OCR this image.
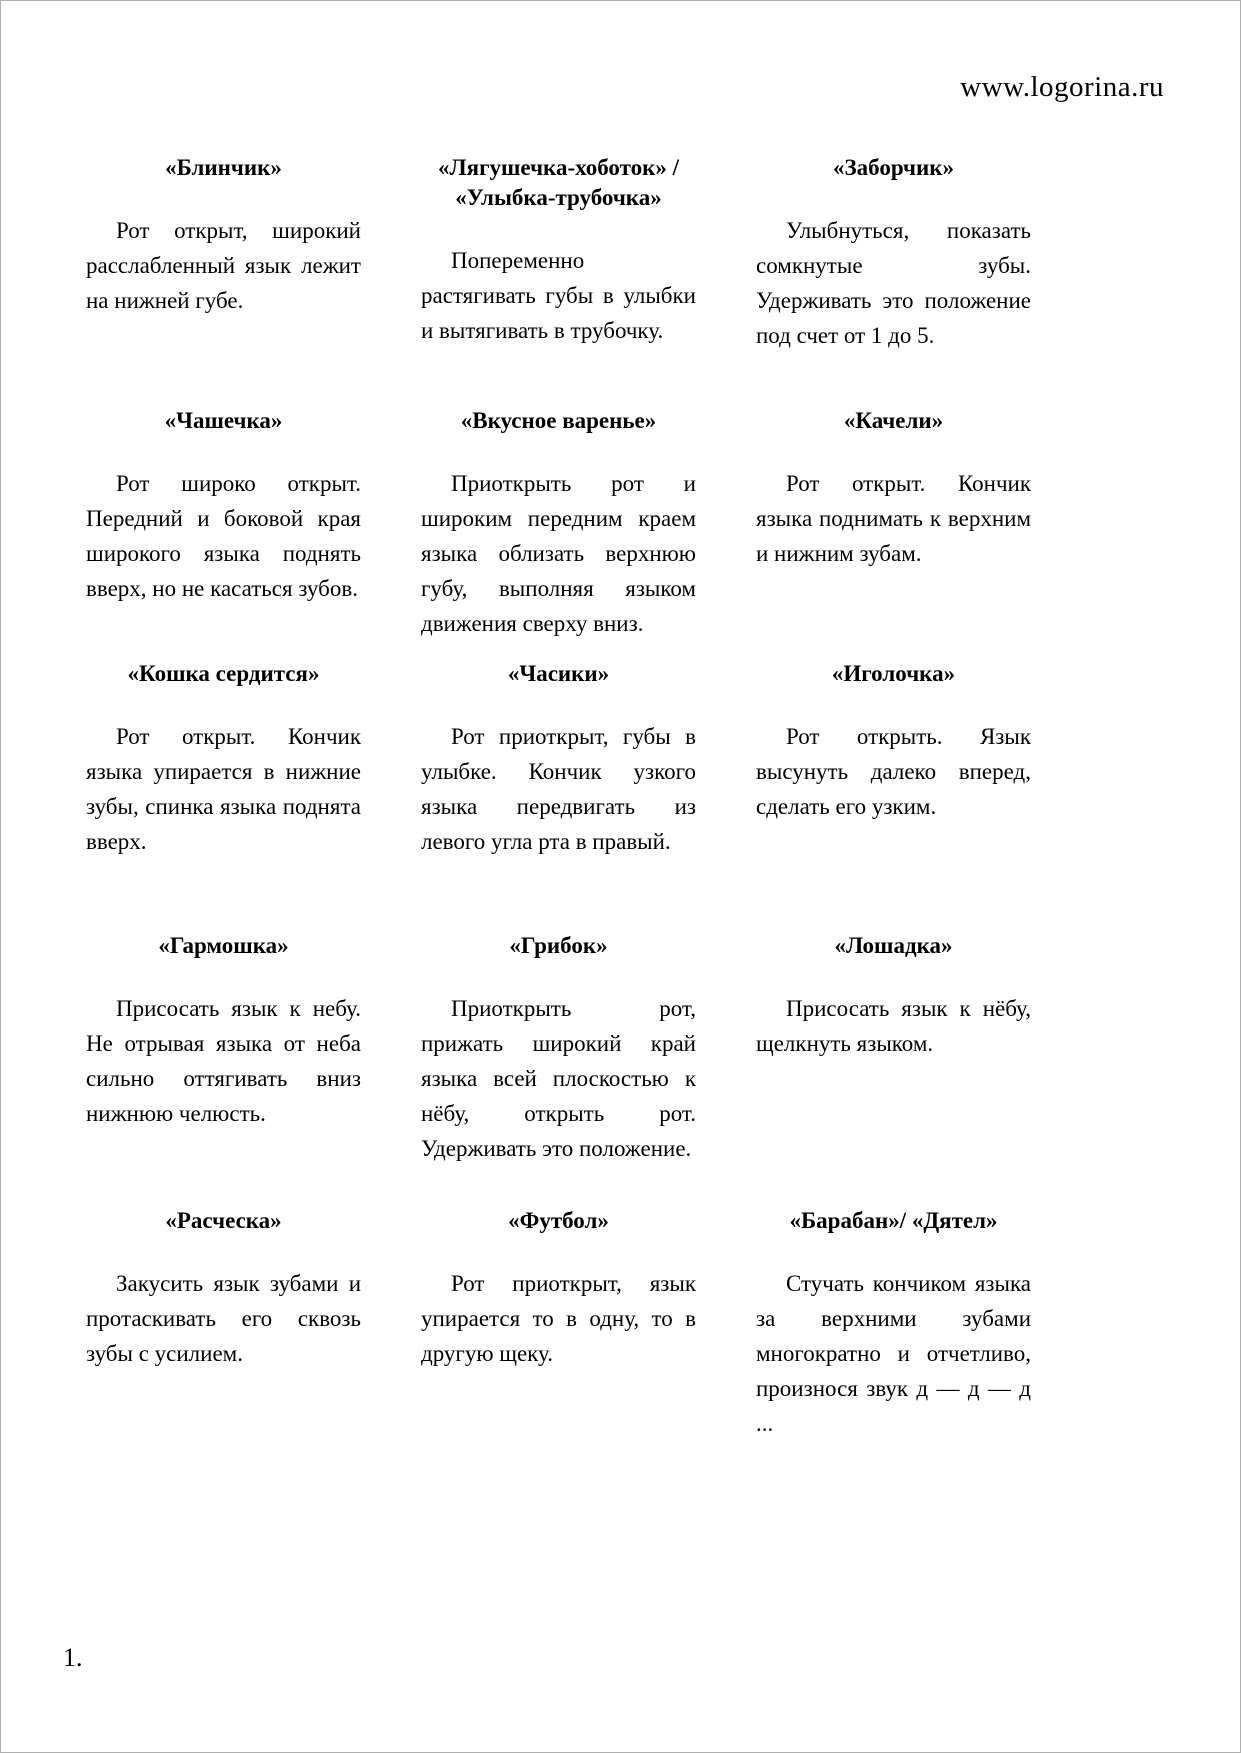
www.logorina.ru
«Блинчик»

Рот открыт, широкий расслабленный язык лежит на нижней губе.

«Лягушечка-хоботок» / «Улыбка-трубочка»

Попеременно растягивать губы в улыбки и вытягивать в трубочку.

«Заборчик»

Улыбнуться, показать сомкнутые зубы. Удерживать это положение под счет от 1 до 5.

«Чашечка»

Рот широко открыт. Передний и боковой края широкого языка поднять вверх, но не касаться зубов.

«Вкусное варенье»

Приоткрыть рот и широким передним краем языка облизать верхнюю губу, выполняя языком движения сверху вниз.

«Качели»

Рот открыт. Кончик языка поднимать к верхним и нижним зубам.

«Кошка сердится»

Рот открыт. Кончик языка упирается в нижние зубы, спинка языка поднята вверх.

«Часики»

Рот приоткрыт, губы в улыбке. Кончик узкого языка передвигать из левого угла рта в правый.

«Иголочка»

Рот открыть. Язык высунуть далеко вперед, сделать его узким.

«Гармошка»

Присосать язык к небу. Не отрывая языка от неба сильно оттягивать вниз нижнюю челюсть.

«Грибок»

Приоткрыть рот, прижать широкий край языка всей плоскостью к нёбу, открыть рот. Удерживать это положение.

«Лошадка»

Присосать язык к нёбу, щелкнуть языком.

«Расческа»

Закусить язык зубами и протаскивать его сквозь зубы с усилием.

«Футбол»

Рот приоткрыт, язык упирается то в одну, то в другую щеку.

«Барабан»/ «Дятел»

Стучать кончиком языка за верхними зубами многократно и отчетливо, произнося звук д — д — д ...

1.
